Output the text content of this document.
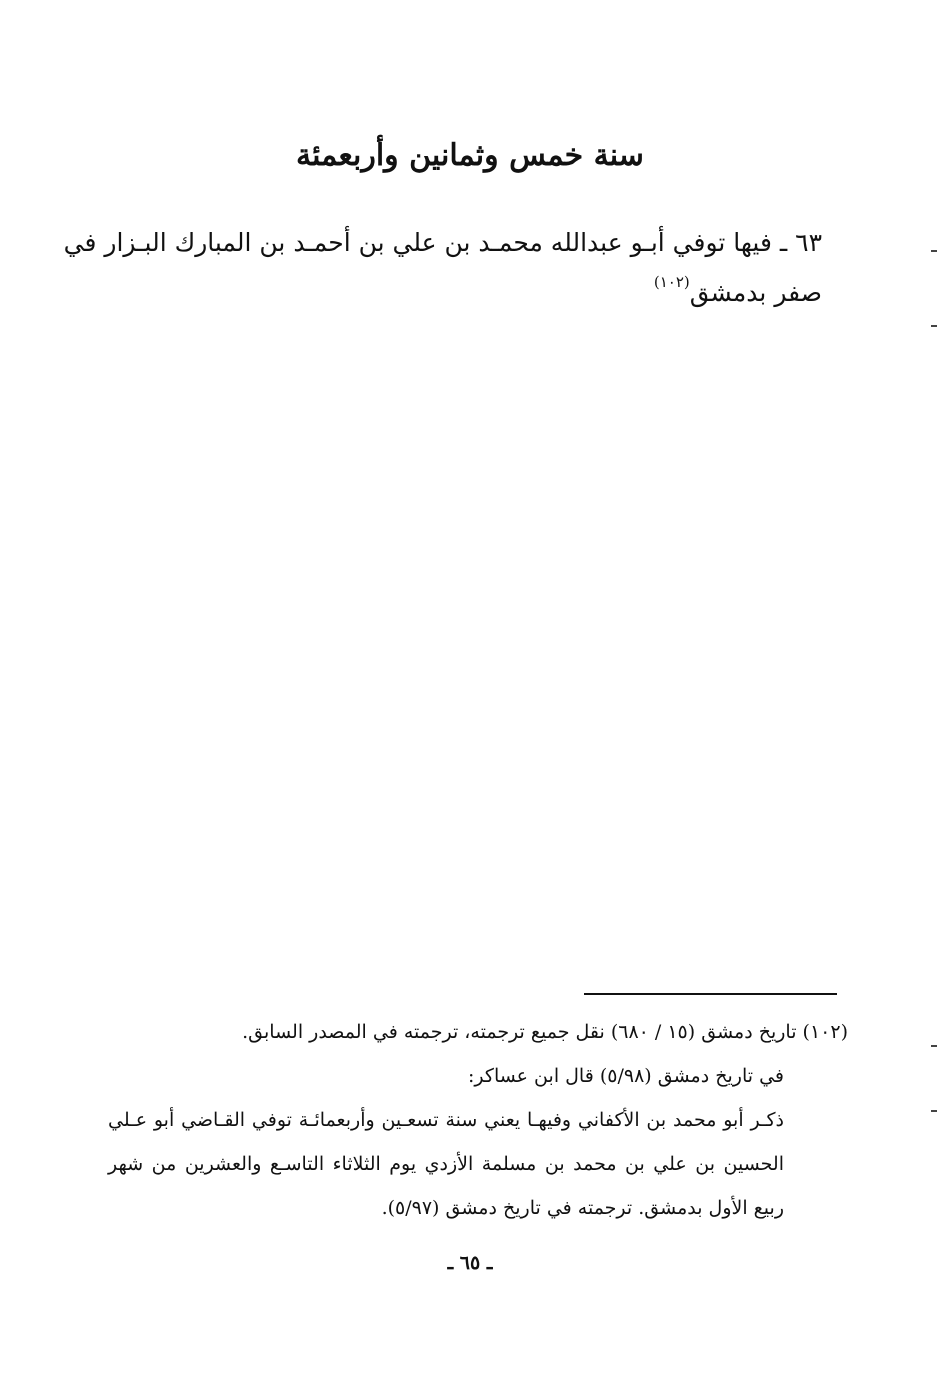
سنة خمس وثمانين وأربعمئة
٦٣ ـ فيها توفي أبـو عبدالله محمـد بن علي بن أحمـد بن المبارك البـزار في
صفر بدمشق$^{(١٠٢)}$
(١٠٢) تاريخ دمشق (١٥ / ٦٨٠) نقل جميع ترجمته، ترجمته في المصدر السابق.
في تاريخ دمشق (٥/٩٨) قال ابن عساكر:
ذكـر أبو محمد بن الأكفاني وفيهـا يعني سنة تسعـين وأربعمائـة توفي القـاضي أبو عـلي
الحسين بن علي بن محمد بن مسلمة الأزدي يوم الثلاثاء التاسـع والعشرين من شهر
ربيع الأول بدمشق. ترجمته في تاريخ دمشق (٥/٩٧).
ـ ٦٥ ـ
